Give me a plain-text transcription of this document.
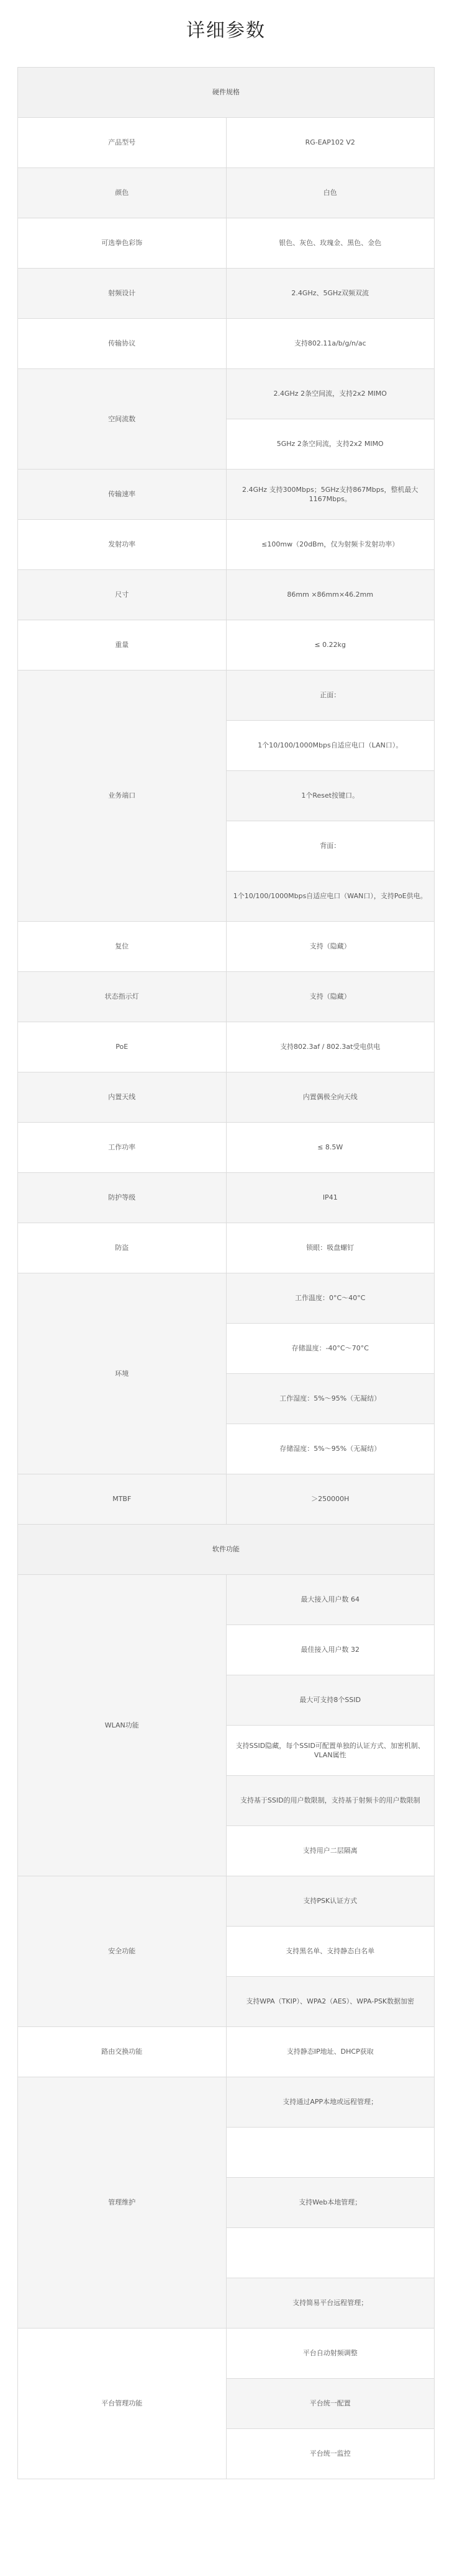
详细参数
硬件规格	
产品型号	RG-EAP102 V2
颜色	白色
可选拳色彩饰	银色、灰色、玫瑰金、黑色、金色
射频设计	2.4GHz、5GHz双频双流
传输协议	支持802.11a/b/g/n/ac
空间流数	2.4GHz 2条空间流，支持2x2 MIMO
	5GHz 2条空间流，支持2x2 MIMO
传输速率	2.4GHz 支持300Mbps；5GHz支持867Mbps，整机最大1167Mbps。
发射功率	≤100mw（20dBm，仅为射频卡发射功率）
尺寸	86mm ×86mm×46.2mm
重量	≤ 0.22kg
业务端口	正面：
	1个10/100/1000Mbps自适应电口（LAN口）。
	1个Reset按键口。
	背面：
	1个10/100/1000Mbps自适应电口（WAN口），支持PoE供电。
复位	支持（隐藏）
状态指示灯	支持（隐藏）
PoE	支持802.3af / 802.3at受电供电
内置天线	内置偶极全向天线
工作功率	≤ 8.5W
防护等级	IP41
防盗	锁眼：吸盘螺钉
环境	工作温度：0°C～40°C
	存储温度：-40°C～70°C
	工作湿度：5%～95%（无凝结）
	存储湿度：5%～95%（无凝结）
MTBF	＞250000H
软件功能	
WLAN功能	最大接入用户数 64
	最佳接入用户数 32
	最大可支持8个SSID
	支持SSID隐藏，每个SSID可配置单独的认证方式、加密机制、VLAN属性
	支持基于SSID的用户数限制，支持基于射频卡的用户数限制
	支持用户二层隔离
安全功能	支持PSK认证方式
	支持黑名单、支持静态白名单
	支持WPA（TKIP）、WPA2（AES）、WPA-PSK数据加密
路由交换功能	支持静态IP地址、DHCP获取
管理维护	支持通过APP本地或远程管理；

	支持Web本地管理；

	支持简易平台远程管理；
平台管理功能	平台自动射频调整
	平台统一配置
	平台统一监控
